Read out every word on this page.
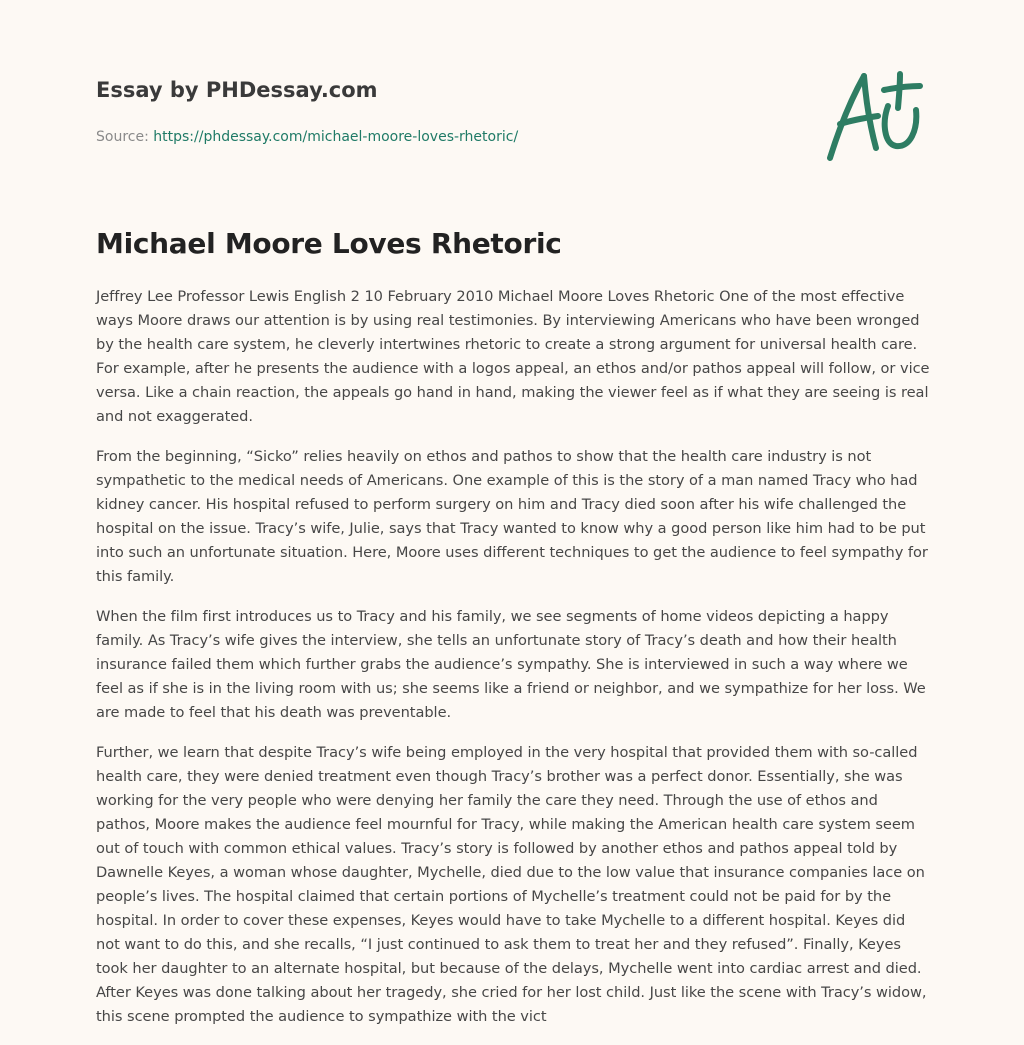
Essay by PHDessay.com
Source: https://phdessay.com/michael-moore-loves-rhetoric/
Michael Moore Loves Rhetoric

Jeffrey Lee Professor Lewis English 2 10 February 2010 Michael Moore Loves Rhetoric One of the most effective ways Moore draws our attention is by using real testimonies. By interviewing Americans who have been wronged by the health care system, he cleverly intertwines rhetoric to create a strong argument for universal health care. For example, after he presents the audience with a logos appeal, an ethos and/or pathos appeal will follow, or vice versa. Like a chain reaction, the appeals go hand in hand, making the viewer feel as if what they are seeing is real and not exaggerated.

From the beginning, “Sicko” relies heavily on ethos and pathos to show that the health care industry is not sympathetic to the medical needs of Americans. One example of this is the story of a man named Tracy who had kidney cancer. His hospital refused to perform surgery on him and Tracy died soon after his wife challenged the hospital on the issue. Tracy’s wife, Julie, says that Tracy wanted to know why a good person like him had to be put into such an unfortunate situation. Here, Moore uses different techniques to get the audience to feel sympathy for this family.

When the film first introduces us to Tracy and his family, we see segments of home videos depicting a happy family. As Tracy’s wife gives the interview, she tells an unfortunate story of Tracy’s death and how their health insurance failed them which further grabs the audience’s sympathy. She is interviewed in such a way where we feel as if she is in the living room with us; she seems like a friend or neighbor, and we sympathize for her loss. We are made to feel that his death was preventable.

Further, we learn that despite Tracy’s wife being employed in the very hospital that provided them with so-called health care, they were denied treatment even though Tracy’s brother was a perfect donor. Essentially, she was working for the very people who were denying her family the care they need. Through the use of ethos and pathos, Moore makes the audience feel mournful for Tracy, while making the American health care system seem out of touch with common ethical values. Tracy’s story is followed by another ethos and pathos appeal told by Dawnelle Keyes, a woman whose daughter, Mychelle, died due to the low value that insurance companies lace on people’s lives. The hospital claimed that certain portions of Mychelle’s treatment could not be paid for by the hospital. In order to cover these expenses, Keyes would have to take Mychelle to a different hospital. Keyes did not want to do this, and she recalls, “I just continued to ask them to treat her and they refused”. Finally, Keyes took her daughter to an alternate hospital, but because of the delays, Mychelle went into cardiac arrest and died. After Keyes was done talking about her tragedy, she cried for her lost child. Just like the scene with Tracy’s widow, this scene prompted the audience to sympathize with the vict
